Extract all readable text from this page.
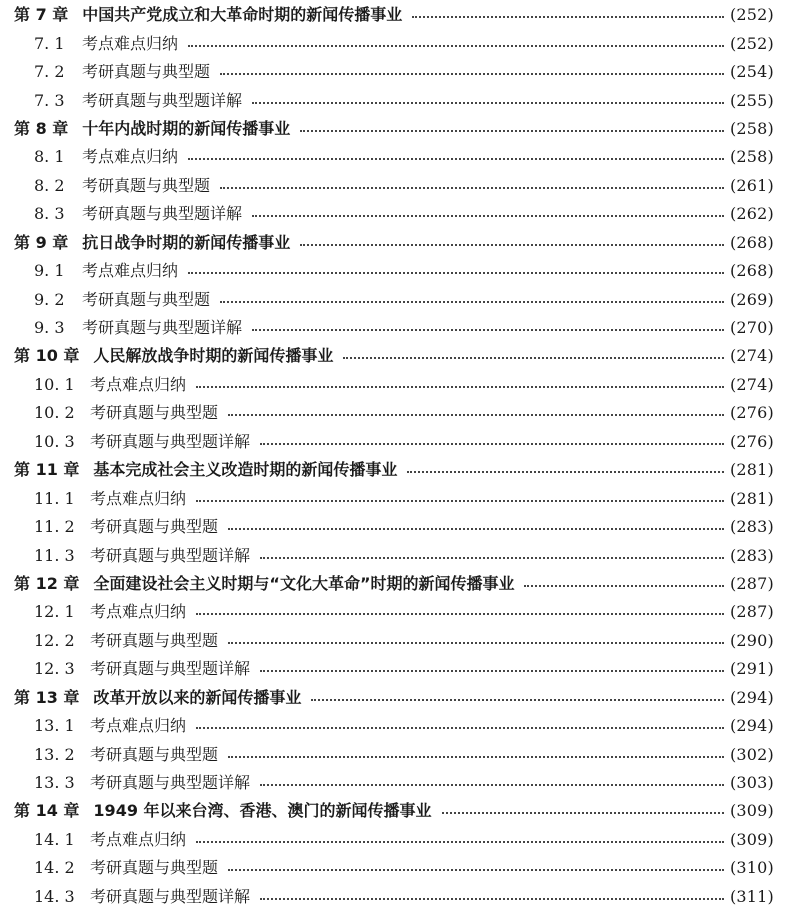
第 7 章 中国共产党成立和大革命时期的新闻传播事业	(252)
7. 1 考点难点归纳	(252)
7. 2 考研真题与典型题	(254)
7. 3 考研真题与典型题详解	(255)
第 8 章 十年内战时期的新闻传播事业	(258)
8. 1 考点难点归纳	(258)
8. 2 考研真题与典型题	(261)
8. 3 考研真题与典型题详解	(262)
第 9 章 抗日战争时期的新闻传播事业	(268)
9. 1 考点难点归纳	(268)
9. 2 考研真题与典型题	(269)
9. 3 考研真题与典型题详解	(270)
第 10 章 人民解放战争时期的新闻传播事业	(274)
10. 1 考点难点归纳	(274)
10. 2 考研真题与典型题	(276)
10. 3 考研真题与典型题详解	(276)
第 11 章 基本完成社会主义改造时期的新闻传播事业	(281)
11. 1 考点难点归纳	(281)
11. 2 考研真题与典型题	(283)
11. 3 考研真题与典型题详解	(283)
第 12 章 全面建设社会主义时期与“文化大革命”时期的新闻传播事业	(287)
12. 1 考点难点归纳	(287)
12. 2 考研真题与典型题	(290)
12. 3 考研真题与典型题详解	(291)
第 13 章 改革开放以来的新闻传播事业	(294)
13. 1 考点难点归纳	(294)
13. 2 考研真题与典型题	(302)
13. 3 考研真题与典型题详解	(303)
第 14 章 1949 年以来台湾、香港、澳门的新闻传播事业	(309)
14. 1 考点难点归纳	(309)
14. 2 考研真题与典型题	(310)
14. 3 考研真题与典型题详解	(311)
